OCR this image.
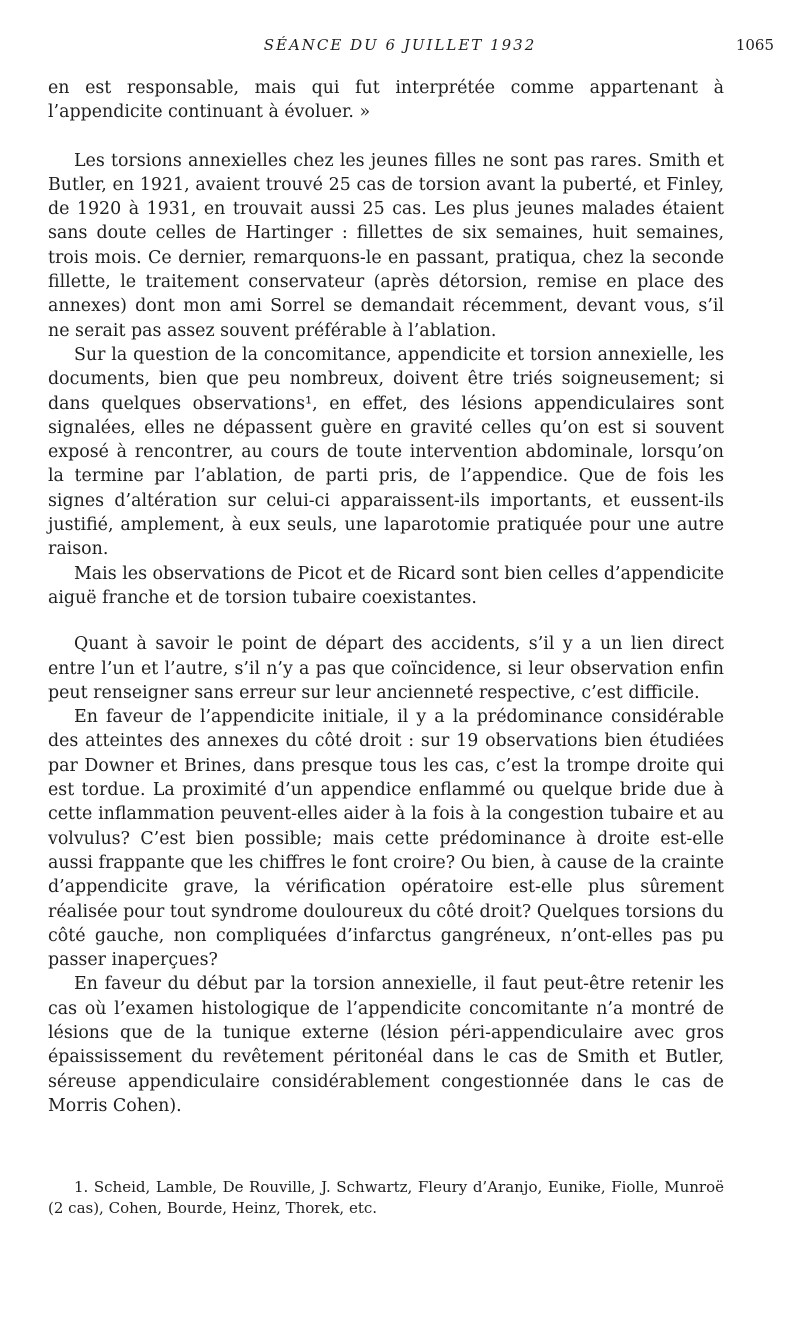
SÉANCE DU 6 JUILLET 1932	1065

en est responsable, mais qui fut interprétée comme appartenant à l’appendicite continuant à évoluer. »

Les torsions annexielles chez les jeunes filles ne sont pas rares. Smith et Butler, en 1921, avaient trouvé 25 cas de torsion avant la puberté, et Finley, de 1920 à 1931, en trouvait aussi 25 cas. Les plus jeunes malades étaient sans doute celles de Hartinger : fillettes de six semaines, huit semaines, trois mois. Ce dernier, remarquons-le en passant, pratiqua, chez la seconde fillette, le traitement conservateur (après détorsion, remise en place des annexes) dont mon ami Sorrel se demandait récemment, devant vous, s’il ne serait pas assez souvent préférable à l’ablation.

Sur la question de la concomitance, appendicite et torsion annexielle, les documents, bien que peu nombreux, doivent être triés soigneusement; si dans quelques observations¹, en effet, des lésions appendiculaires sont signalées, elles ne dépassent guère en gravité celles qu’on est si souvent exposé à rencontrer, au cours de toute intervention abdominale, lorsqu’on la termine par l’ablation, de parti pris, de l’appendice. Que de fois les signes d’altération sur celui-ci apparaissent-ils importants, et eussent-ils justifié, amplement, à eux seuls, une laparotomie pratiquée pour une autre raison.

Mais les observations de Picot et de Ricard sont bien celles d’appendicite aiguë franche et de torsion tubaire coexistantes.

Quant à savoir le point de départ des accidents, s’il y a un lien direct entre l’un et l’autre, s’il n’y a pas que coïncidence, si leur observation enfin peut renseigner sans erreur sur leur ancienneté respective, c’est difficile.

En faveur de l’appendicite initiale, il y a la prédominance considérable des atteintes des annexes du côté droit : sur 19 observations bien étudiées par Downer et Brines, dans presque tous les cas, c’est la trompe droite qui est tordue. La proximité d’un appendice enflammé ou quelque bride due à cette inflammation peuvent-elles aider à la fois à la congestion tubaire et au volvulus? C’est bien possible; mais cette prédominance à droite est-elle aussi frappante que les chiffres le font croire? Ou bien, à cause de la crainte d’appendicite grave, la vérification opératoire est-elle plus sûrement réalisée pour tout syndrome douloureux du côté droit? Quelques torsions du côté gauche, non compliquées d’infarctus gangréneux, n’ont-elles pas pu passer inaperçues?

En faveur du début par la torsion annexielle, il faut peut-être retenir les cas où l’examen histologique de l’appendicite concomitante n’a montré de lésions que de la tunique externe (lésion péri-appendiculaire avec gros épaississement du revêtement péritonéal dans le cas de Smith et Butler, séreuse appendiculaire considérablement congestionnée dans le cas de Morris Cohen).

1. Scheid, Lamble, De Rouville, J. Schwartz, Fleury d’Aranjo, Eunike, Fiolle, Munroë (2 cas), Cohen, Bourde, Heinz, Thorek, etc.
